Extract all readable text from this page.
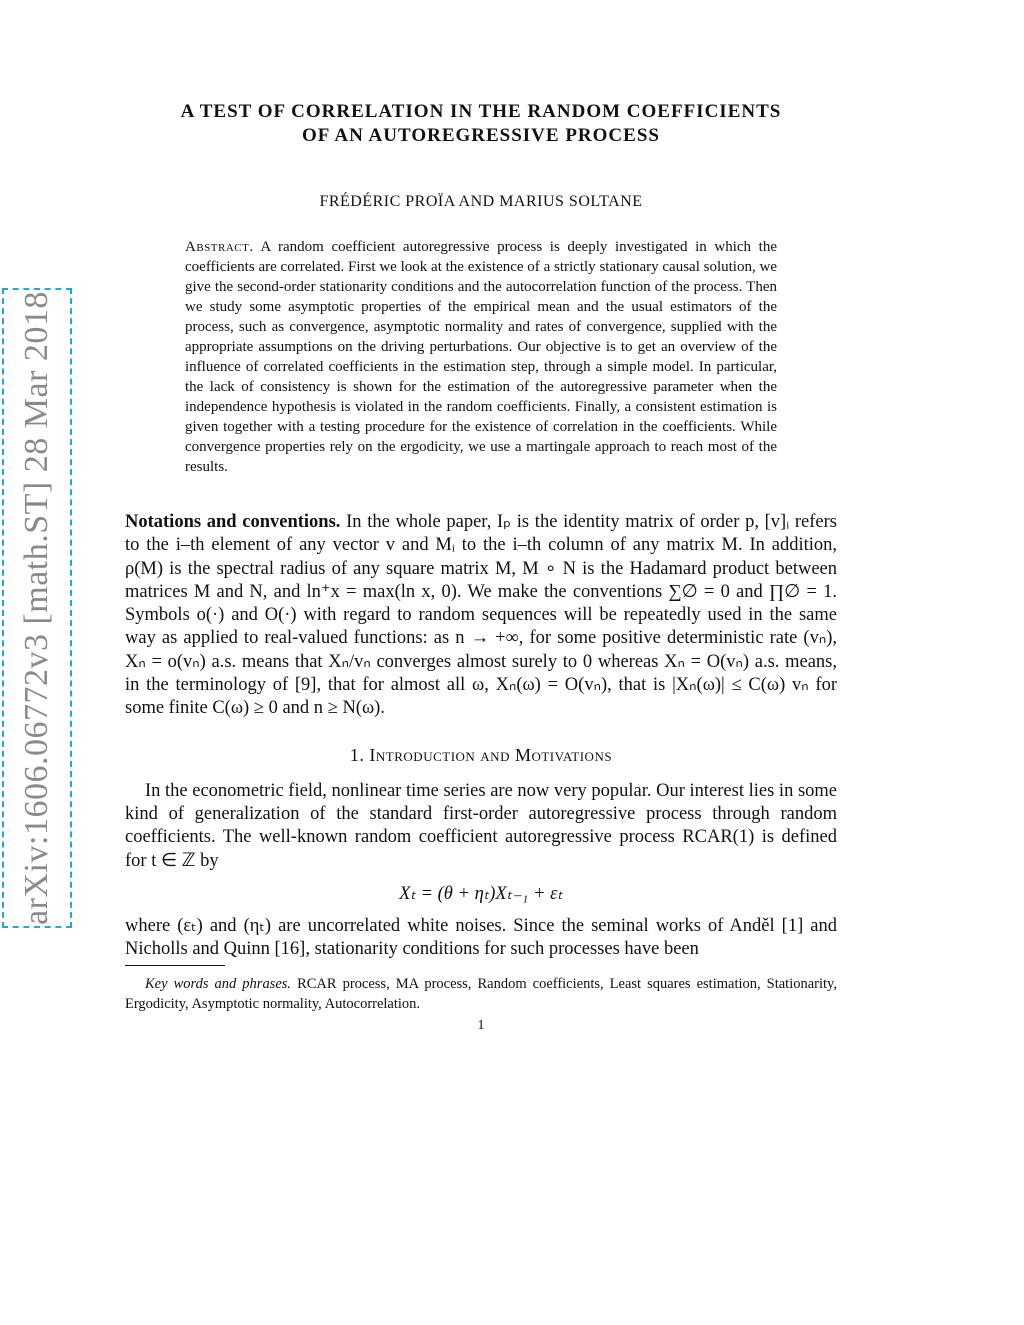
arXiv:1606.06772v3 [math.ST] 28 Mar 2018
A TEST OF CORRELATION IN THE RANDOM COEFFICIENTS
OF AN AUTOREGRESSIVE PROCESS
FRÉDÉRIC PROÏA AND MARIUS SOLTANE
Abstract. A random coefficient autoregressive process is deeply investigated in which the coefficients are correlated. First we look at the existence of a strictly stationary causal solution, we give the second-order stationarity conditions and the autocorrelation function of the process. Then we study some asymptotic properties of the empirical mean and the usual estimators of the process, such as convergence, asymptotic normality and rates of convergence, supplied with the appropriate assumptions on the driving perturbations. Our objective is to get an overview of the influence of correlated coefficients in the estimation step, through a simple model. In particular, the lack of consistency is shown for the estimation of the autoregressive parameter when the independence hypothesis is violated in the random coefficients. Finally, a consistent estimation is given together with a testing procedure for the existence of correlation in the coefficients. While convergence properties rely on the ergodicity, we use a martingale approach to reach most of the results.
Notations and conventions. In the whole paper, Iₚ is the identity matrix of order p, [v]ᵢ refers to the i–th element of any vector v and Mᵢ to the i–th column of any matrix M. In addition, ρ(M) is the spectral radius of any square matrix M, M ∘ N is the Hadamard product between matrices M and N, and ln⁺x = max(ln x, 0). We make the conventions ∑∅ = 0 and ∏∅ = 1. Symbols o(·) and O(·) with regard to random sequences will be repeatedly used in the same way as applied to real-valued functions: as n → +∞, for some positive deterministic rate (vₙ), Xₙ = o(vₙ) a.s. means that Xₙ/vₙ converges almost surely to 0 whereas Xₙ = O(vₙ) a.s. means, in the terminology of [9], that for almost all ω, Xₙ(ω) = O(vₙ), that is |Xₙ(ω)| ≤ C(ω) vₙ for some finite C(ω) ≥ 0 and n ≥ N(ω).
1. Introduction and Motivations
In the econometric field, nonlinear time series are now very popular. Our interest lies in some kind of generalization of the standard first-order autoregressive process through random coefficients. The well-known random coefficient autoregressive process RCAR(1) is defined for t ∈ ℤ by
Xₜ = (θ + ηₜ)Xₜ₋₁ + εₜ
where (εₜ) and (ηₜ) are uncorrelated white noises. Since the seminal works of Anděl [1] and Nicholls and Quinn [16], stationarity conditions for such processes have been
Key words and phrases. RCAR process, MA process, Random coefficients, Least squares estimation, Stationarity, Ergodicity, Asymptotic normality, Autocorrelation.
1
